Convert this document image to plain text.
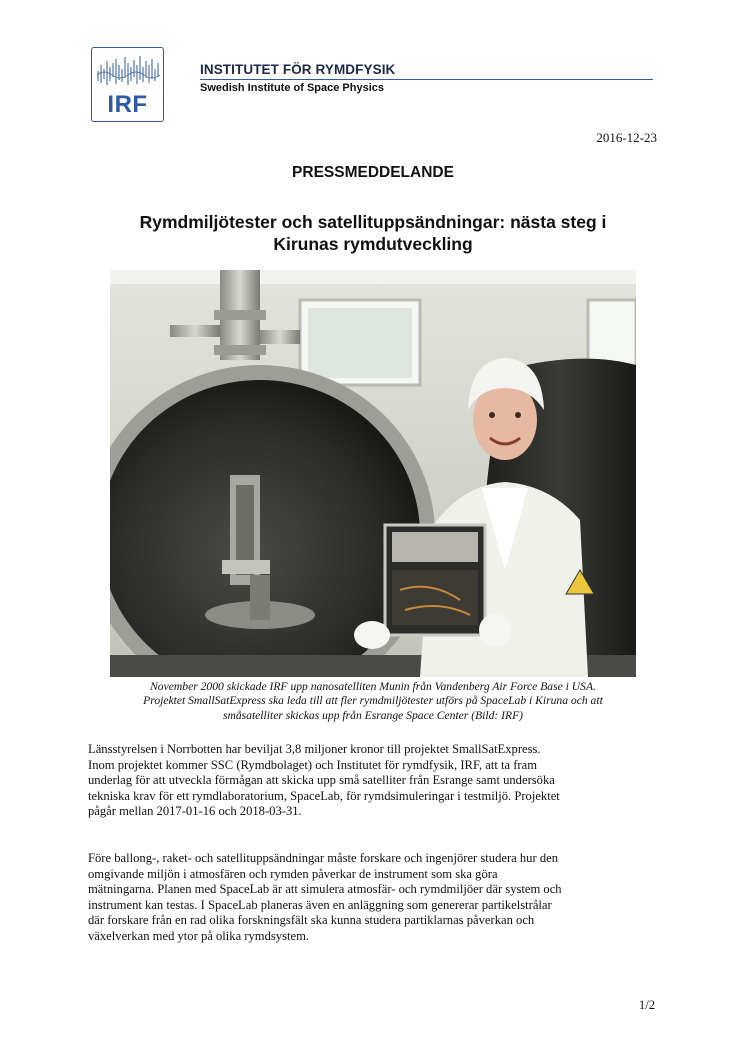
IRF
INSTITUTET FÖR RYMDFYSIK
Swedish Institute of Space Physics
2016-12-23
PRESSMEDDELANDE
Rymdmiljötester och satellituppsändningar: nästa steg i
Kirunas rymdutveckling
November 2000 skickade IRF upp nanosatelliten Munin från Vandenberg Air Force Base i USA.
Projektet SmallSatExpress ska leda till att fler rymdmiljötester utförs på SpaceLab i Kiruna och att
småsatelliter skickas upp från Esrange Space Center (Bild: IRF)
Länsstyrelsen i Norrbotten har beviljat 3,8 miljoner kronor till projektet SmallSatExpress.
Inom projektet kommer SSC (Rymdbolaget) och Institutet för rymdfysik, IRF, att ta fram
underlag för att utveckla förmågan att skicka upp små satelliter från Esrange samt undersöka
tekniska krav för ett rymdlaboratorium, SpaceLab, för rymdsimuleringar i testmiljö. Projektet
pågår mellan 2017-01-16 och 2018-03-31.
Före ballong-, raket- och satellituppsändningar måste forskare och ingenjörer studera hur den
omgivande miljön i atmosfären och rymden påverkar de instrument som ska göra
mätningarna. Planen med SpaceLab är att simulera atmosfär- och rymdmiljöer där system och
instrument kan testas. I SpaceLab planeras även en anläggning som genererar partikelstrålar
där forskare från en rad olika forskningsfält ska kunna studera partiklarnas påverkan och
växelverkan med ytor på olika rymdsystem.
1/2
